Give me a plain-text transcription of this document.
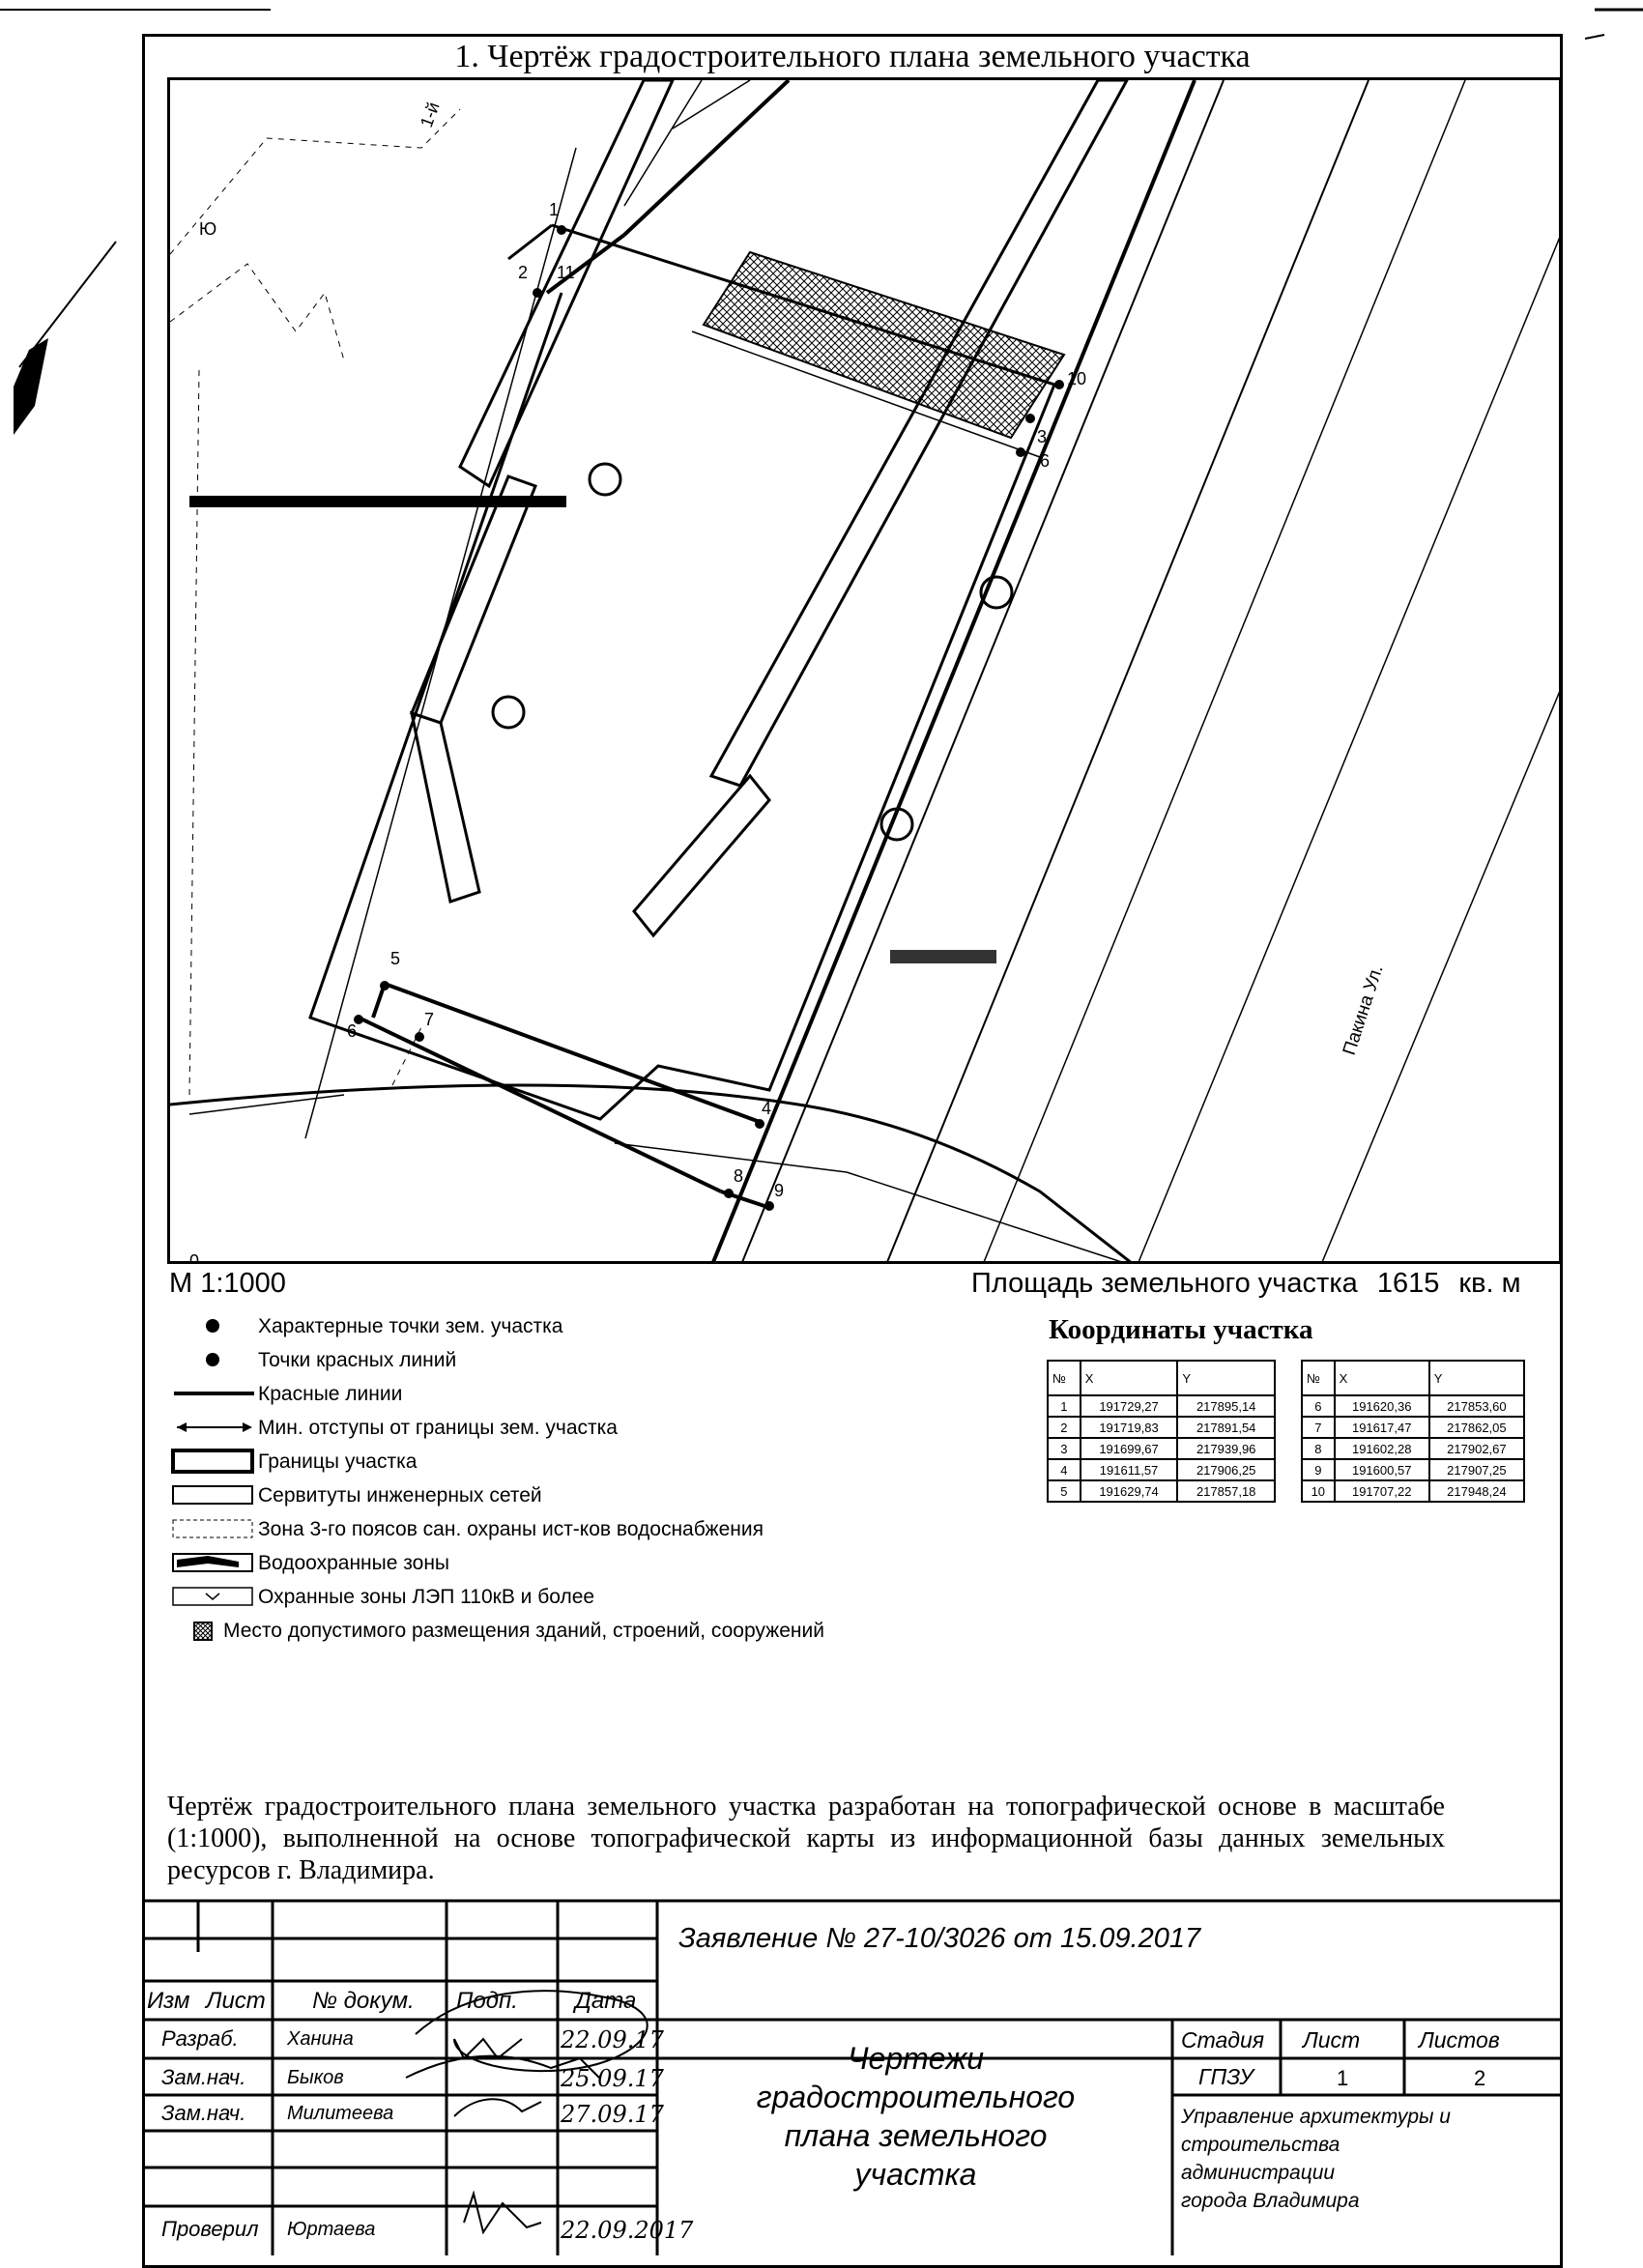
1. Чертёж градостроительного плана земельного участка
1
2 11
3
6
10
5
6
7
4
8
9
Ю
0
1-й
Пакина Ул.
М 1:1000	Площадь земельного участка 1615 кв. м
Характерные точки зем. участка
Точки красных линий
Красные линии
Мин. отступы от границы зем. участка
Границы участка
Сервитуты инженерных сетей
Зона 3-го поясов сан. охраны ист-ков водоснабжения
Водоохранные зоны
Охранные зоны ЛЭП 110кВ и более
Место допустимого размещения зданий, строений, сооружений
Координаты участка
№	X	Y
1	191729,27	217895,14
2	191719,83	217891,54
3	191699,67	217939,96
4	191611,57	217906,25
5	191629,74	217857,18
№	X	Y
6	191620,36	217853,60
7	191617,47	217862,05
8	191602,28	217902,67
9	191600,57	217907,25
10	191707,22	217948,24
Чертёж градостроительного плана земельного участка разработан на топографической основе в масштабе (1:1000), выполненной на основе топографической карты из информационной базы данных земельных ресурсов г. Владимира.
Заявление № 27-10/3026 от 15.09.2017
Изм Лист № докум. Подп. Дата
Разраб.	Ханина	22.09.17
Зам.нач. Быков	25.09.17
Зам.нач. Милитеева	27.09.17
Проверил Юртаева	22.09.2017
Чертежи
градостроительного
плана земельного
участка
Стадия Лист	Листов
ГПЗУ	1	2
Управление архитектуры и
строительства
администрации
города Владимира
